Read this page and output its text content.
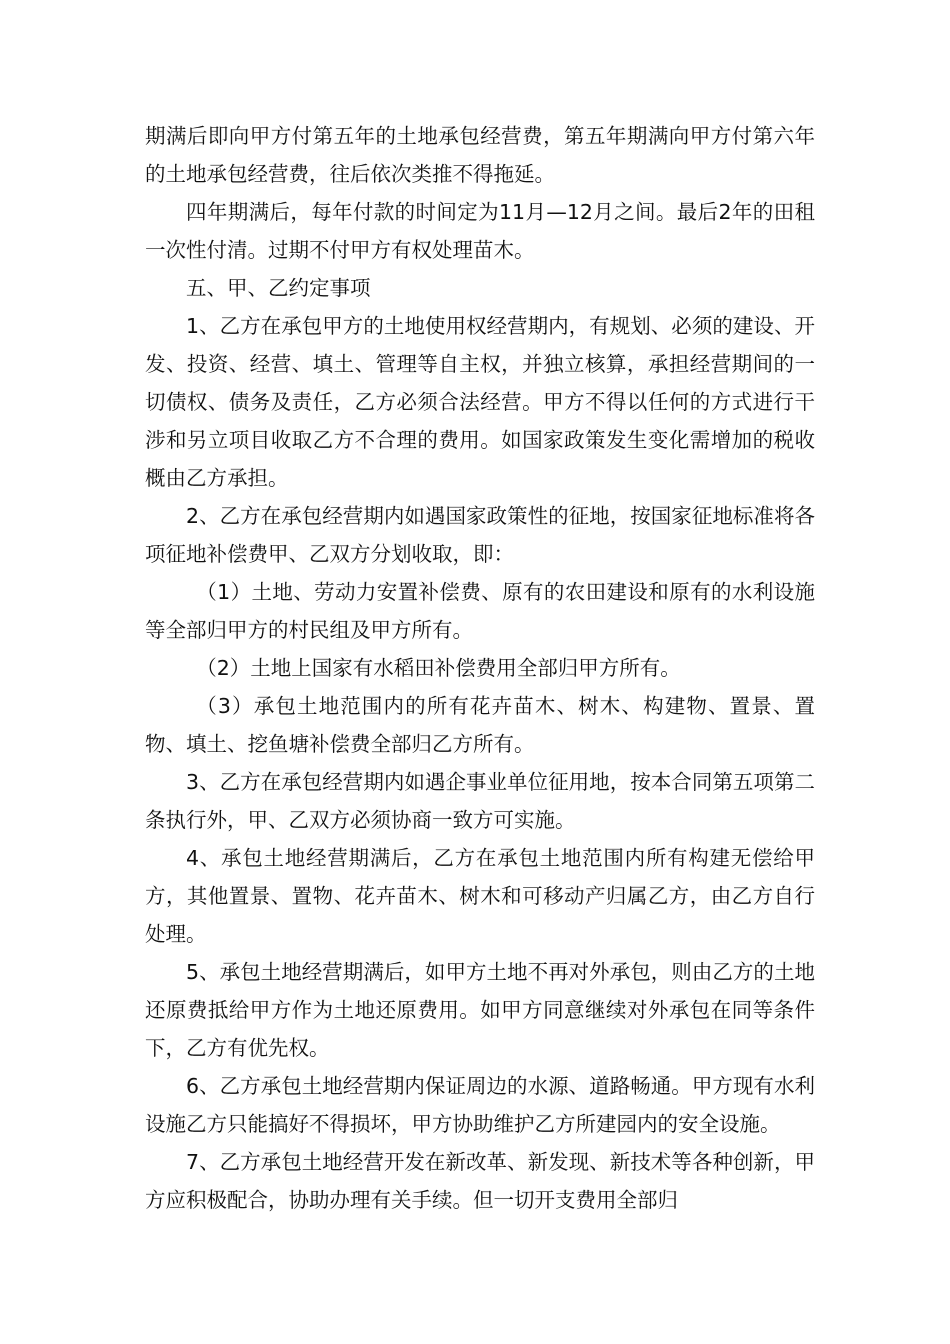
期满后即向甲方付第五年的土地承包经营费，第五年期满向甲方付第六年的土地承包经营费，往后依次类推不得拖延。

四年期满后，每年付款的时间定为11月—12月之间。最后2年的田租一次性付清。过期不付甲方有权处理苗木。

五、甲、乙约定事项

1、乙方在承包甲方的土地使用权经营期内，有规划、必须的建设、开发、投资、经营、填土、管理等自主权，并独立核算，承担经营期间的一切债权、债务及责任，乙方必须合法经营。甲方不得以任何的方式进行干涉和另立项目收取乙方不合理的费用。如国家政策发生变化需增加的税收概由乙方承担。

2、乙方在承包经营期内如遇国家政策性的征地，按国家征地标准将各项征地补偿费甲、乙双方分划收取，即：

（1）土地、劳动力安置补偿费、原有的农田建设和原有的水利设施等全部归甲方的村民组及甲方所有。

（2）土地上国家有水稻田补偿费用全部归甲方所有。

（3）承包土地范围内的所有花卉苗木、树木、构建物、置景、置物、填土、挖鱼塘补偿费全部归乙方所有。

3、乙方在承包经营期内如遇企事业单位征用地，按本合同第五项第二条执行外，甲、乙双方必须协商一致方可实施。

4、承包土地经营期满后，乙方在承包土地范围内所有构建无偿给甲方，其他置景、置物、花卉苗木、树木和可移动产归属乙方，由乙方自行处理。

5、承包土地经营期满后，如甲方土地不再对外承包，则由乙方的土地还原费抵给甲方作为土地还原费用。如甲方同意继续对外承包在同等条件下，乙方有优先权。

6、乙方承包土地经营期内保证周边的水源、道路畅通。甲方现有水利设施乙方只能搞好不得损坏，甲方协助维护乙方所建园内的安全设施。

7、乙方承包土地经营开发在新改革、新发现、新技术等各种创新，甲方应积极配合，协助办理有关手续。但一切开支费用全部归
